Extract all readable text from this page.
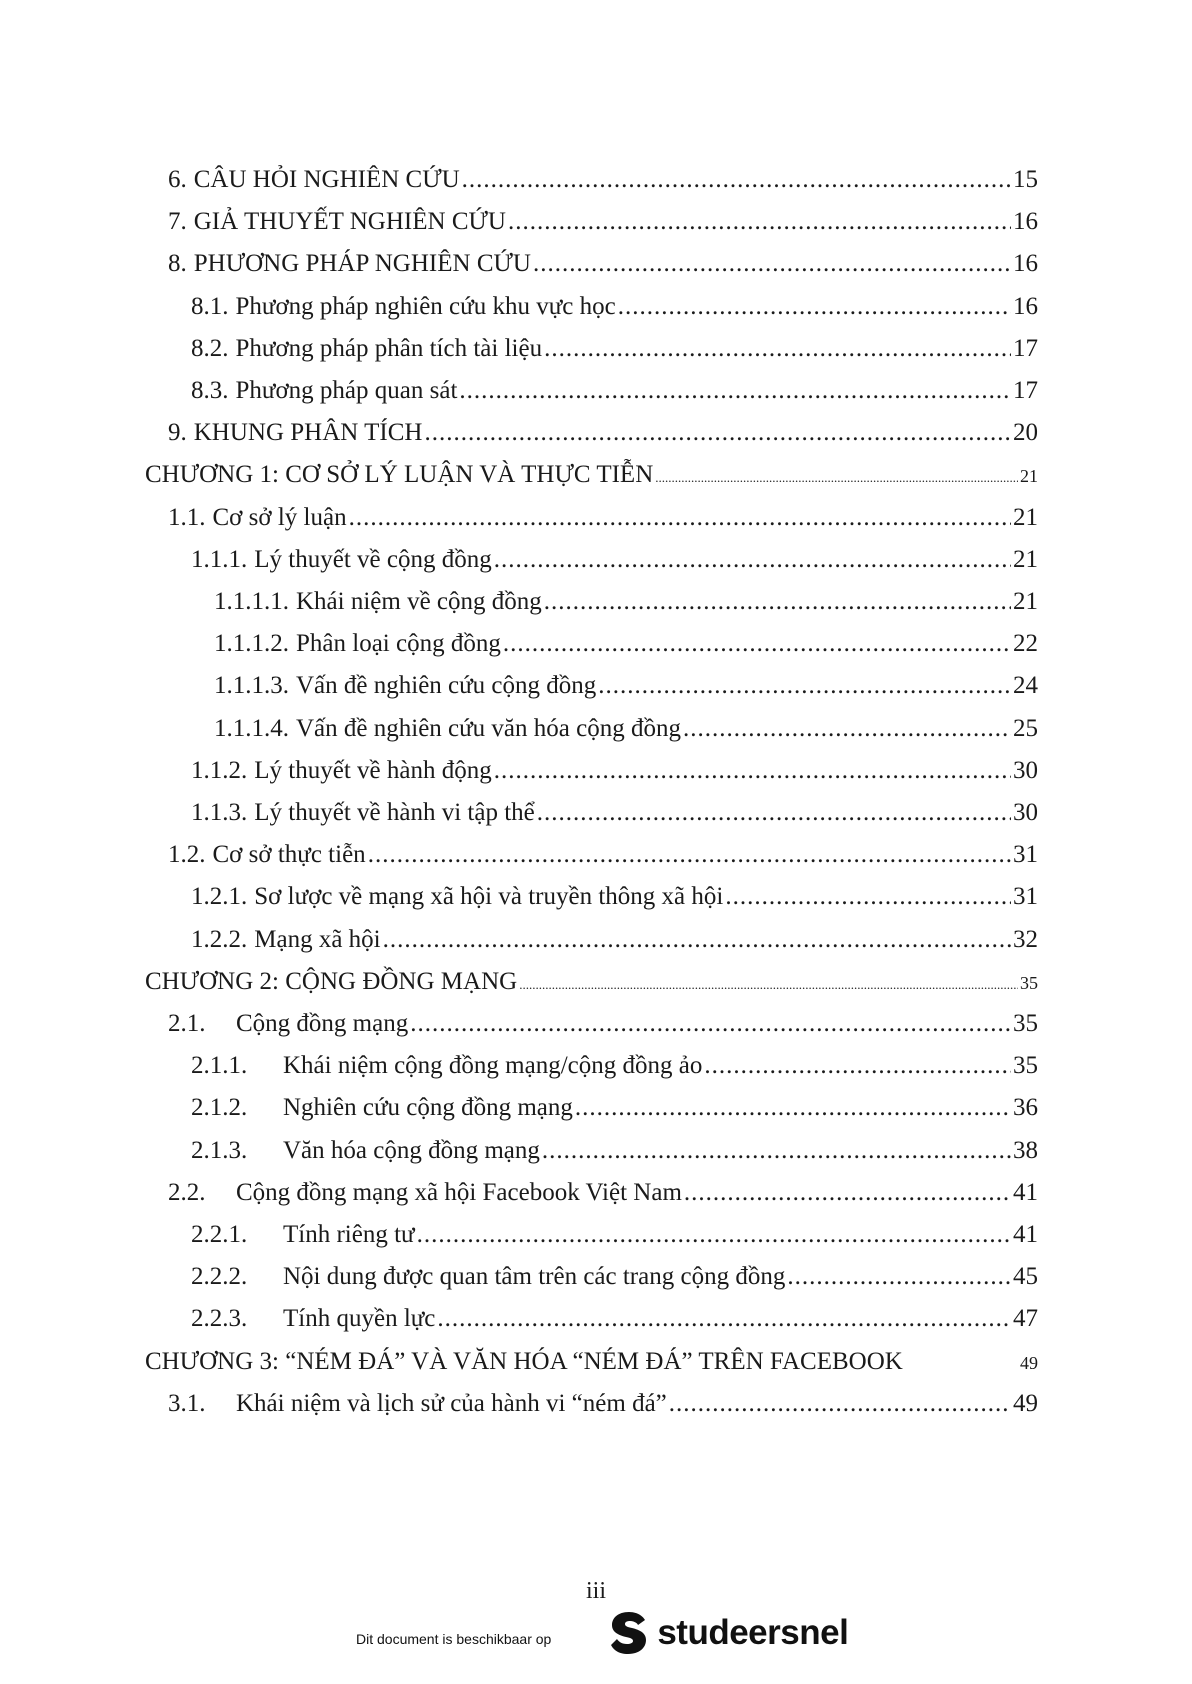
6. CÂU HỎI NGHIÊN CỨU .....	15
7. GIẢ THUYẾT NGHIÊN CỨU .....	16
8. PHƯƠNG PHÁP NGHIÊN CỨU .....	16
8.1. Phương pháp nghiên cứu khu vực học .....	16
8.2. Phương pháp phân tích tài liệu .....	17
8.3. Phương pháp quan sát .....	17
9. KHUNG PHÂN TÍCH .....	20
CHƯƠNG 1: CƠ SỞ LÝ LUẬN VÀ THỰC TIỄN .....	21
1.1. Cơ sở lý luận .....	21
1.1.1. Lý thuyết về cộng đồng .....	21
1.1.1.1. Khái niệm về cộng đồng .....	21
1.1.1.2. Phân loại cộng đồng .....	22
1.1.1.3. Vấn đề nghiên cứu cộng đồng .....	24
1.1.1.4. Vấn đề nghiên cứu văn hóa cộng đồng .....	25
1.1.2. Lý thuyết về hành động .....	30
1.1.3. Lý thuyết về hành vi tập thể .....	30
1.2. Cơ sở thực tiễn .....	31
1.2.1. Sơ lược về mạng xã hội và truyền thông xã hội .....	31
1.2.2. Mạng xã hội .....	32
CHƯƠNG 2: CỘNG ĐỒNG MẠNG .....	35
2.1.	Cộng đồng mạng .....	35
2.1.1.	Khái niệm cộng đồng mạng/cộng đồng ảo .....	35
2.1.2.	Nghiên cứu cộng đồng mạng .....	36
2.1.3.	Văn hóa cộng đồng mạng .....	38
2.2.	Cộng đồng mạng xã hội Facebook Việt Nam .....	41
2.2.1.	Tính riêng tư .....	41
2.2.2.	Nội dung được quan tâm trên các trang cộng đồng .....	45
2.2.3.	Tính quyền lực .....	47
CHƯƠNG 3: “NÉM ĐÁ” VÀ VĂN HÓA “NÉM ĐÁ” TRÊN FACEBOOK	49
3.1.	Khái niệm và lịch sử của hành vi “ném đá” .....	49
iii
Dit document is beschikbaar op	studeersnel
